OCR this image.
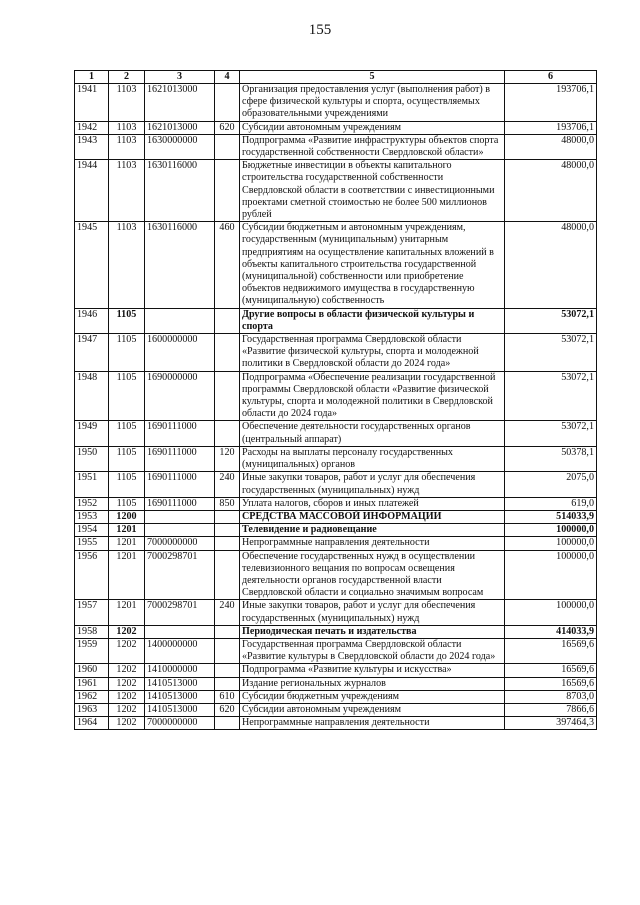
155
1	2	3	4	5	6
1941	1103	1621013000		Организация предоставления услуг (выполнения работ) в сфере физической культуры и спорта, осуществляемых образовательными учреждениями	193706,1
1942	1103	1621013000	620	Субсидии автономным учреждениям	193706,1
1943	1103	1630000000		Подпрограмма «Развитие инфраструктуры объектов спорта государственной собственности Свердловской области»	48000,0
1944	1103	1630116000		Бюджетные инвестиции в объекты капитального строительства государственной собственности Свердловской области в соответствии с инвестиционными проектами сметной стоимостью не более 500 миллионов рублей	48000,0
1945	1103	1630116000	460	Субсидии бюджетным и автономным учреждениям, государственным (муниципальным) унитарным предприятиям на осуществление капитальных вложений в объекты капитального строительства государственной (муниципальной) собственности или приобретение объектов недвижимого имущества в государственную (муниципальную) собственность	48000,0
1946	1105			Другие вопросы в области физической культуры и спорта	53072,1
1947	1105	1600000000		Государственная программа Свердловской области «Развитие физической культуры, спорта и молодежной политики в Свердловской области до 2024 года»	53072,1
1948	1105	1690000000		Подпрограмма «Обеспечение реализации государственной программы Свердловской области «Развитие физической культуры, спорта и молодежной политики в Свердловской области до 2024 года»	53072,1
1949	1105	1690111000		Обеспечение деятельности государственных органов (центральный аппарат)	53072,1
1950	1105	1690111000	120	Расходы на выплаты персоналу государственных (муниципальных) органов	50378,1
1951	1105	1690111000	240	Иные закупки товаров, работ и услуг для обеспечения государственных (муниципальных) нужд	2075,0
1952	1105	1690111000	850	Уплата налогов, сборов и иных платежей	619,0
1953	1200			СРЕДСТВА МАССОВОЙ ИНФОРМАЦИИ	514033,9
1954	1201			Телевидение и радиовещание	100000,0
1955	1201	7000000000		Непрограммные направления деятельности	100000,0
1956	1201	7000298701		Обеспечение государственных нужд в осуществлении телевизионного вещания по вопросам освещения деятельности органов государственной власти Свердловской области и социально значимым вопросам	100000,0
1957	1201	7000298701	240	Иные закупки товаров, работ и услуг для обеспечения государственных (муниципальных) нужд	100000,0
1958	1202			Периодическая печать и издательства	414033,9
1959	1202	1400000000		Государственная программа Свердловской области «Развитие культуры в Свердловской области до 2024 года»	16569,6
1960	1202	1410000000		Подпрограмма «Развитие культуры и искусства»	16569,6
1961	1202	1410513000		Издание региональных журналов	16569,6
1962	1202	1410513000	610	Субсидии бюджетным учреждениям	8703,0
1963	1202	1410513000	620	Субсидии автономным учреждениям	7866,6
1964	1202	7000000000		Непрограммные направления деятельности	397464,3
